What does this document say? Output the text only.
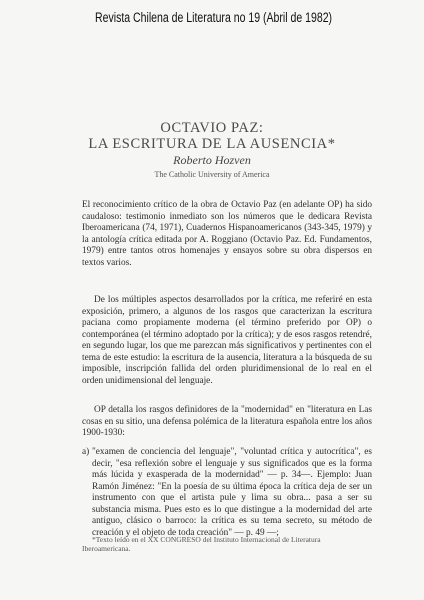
Revista Chilena de Literatura no 19 (Abril de 1982)
OCTAVIO PAZ:
LA ESCRITURA DE LA AUSENCIA*
Roberto Hozven
The Catholic University of America
El reconocimiento crítico de la obra de Octavio Paz (en adelante OP) ha sido caudaloso: testimonio inmediato son los números que le dedicara Revista Iberoamericana (74, 1971), Cuadernos Hispanoamericanos (343-345, 1979) y la antología crítica editada por A. Roggiano (Octavio Paz. Ed. Fundamentos, 1979) entre tantos otros homenajes y ensayos sobre su obra dispersos en textos varios.
De los múltiples aspectos desarrollados por la crítica, me referiré en esta exposición, primero, a algunos de los rasgos que caracterizan la escritura paciana como propiamente moderna (el término preferido por OP) o contemporánea (el término adoptado por la crítica); y de esos rasgos retendré, en segundo lugar, los que me parezcan más significativos y pertinentes con el tema de este estudio: la escritura de la ausencia, literatura a la búsqueda de su imposible, inscripción fallida del orden pluridimensional de lo real en el orden unidimensional del lenguaje.
OP detalla los rasgos definidores de la "modernidad" en "literatura en Las cosas en su sitio, una defensa polémica de la literatura española entre los años 1900-1930:
a) "examen de conciencia del lenguaje", "voluntad crítica y autocrítica", es decir, "esa reflexión sobre el lenguaje y sus significados que es la forma más lúcida y exasperada de la modernidad" — p. 34—. Ejemplo: Juan Ramón Jiménez: "En la poesía de su última época la crítica deja de ser un instrumento con que el artista pule y lima su obra... pasa a ser su substancia misma. Pues esto es lo que distingue a la modernidad del arte antiguo, clásico o barroco: la crítica es su tema secreto, su método de creación y el objeto de toda creación" — p. 49 —;
*Texto leído en el XX CONGRESO del Instituto Internacional de Literatura
Iberoamericana.
